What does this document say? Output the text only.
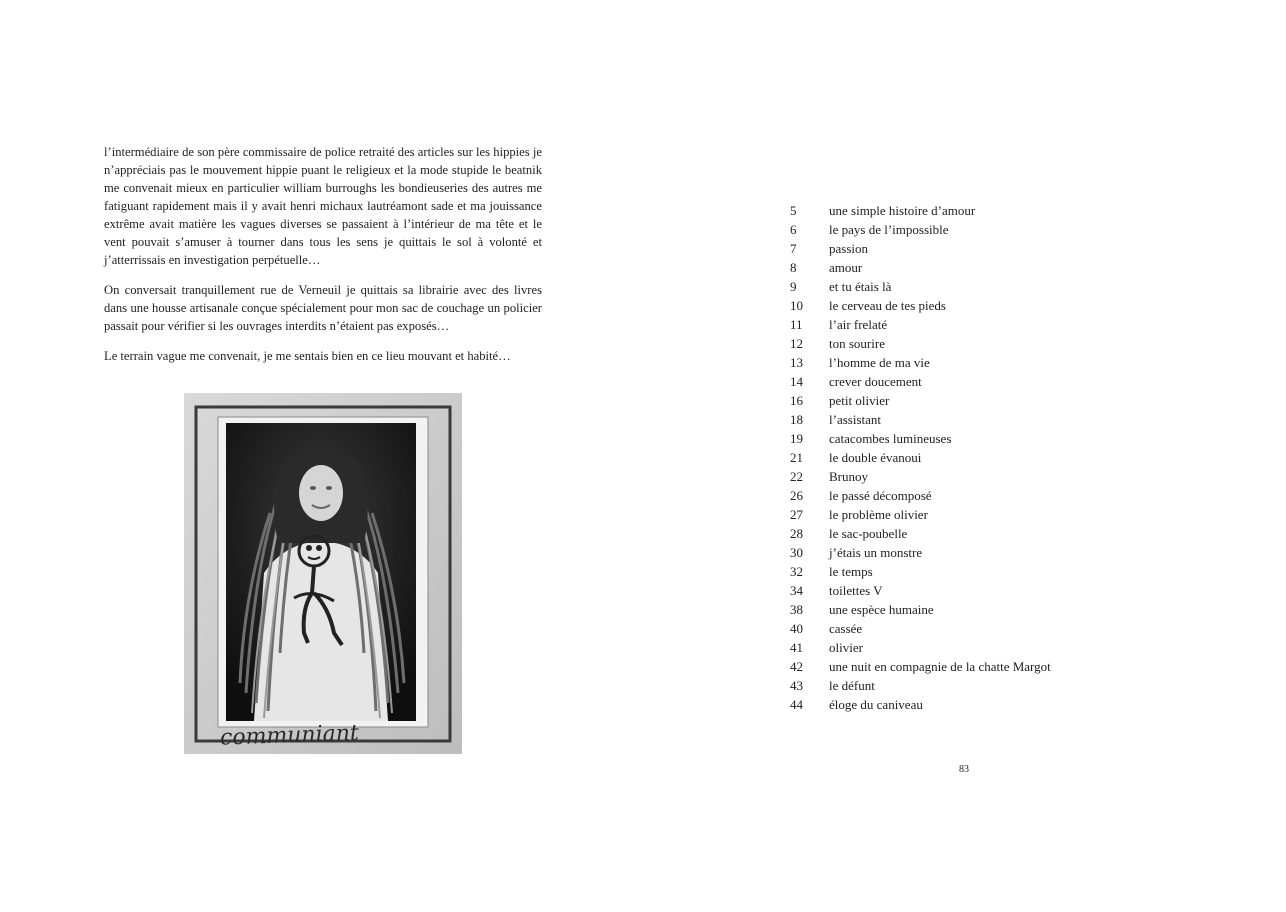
l’intermédiaire de son père commissaire de police retraité des articles sur les hippies je n’appréciais pas le mouvement hippie puant le religieux et la mode stupide le beatnik me convenait mieux en particulier william burroughs les bondieuseries des autres me fatiguant rapidement mais il y avait henri michaux lautréamont sade et ma jouissance extrême avait matière les vagues diverses se passaient à l’intérieur de ma tête et le vent pouvait s’amuser à tourner dans tous les sens je quittais le sol à volonté et j’atterrissais en investigation perpétuelle…

On conversait tranquillement rue de Verneuil je quittais sa librairie avec des livres dans une housse artisanale conçue spécialement pour mon sac de couchage un policier passait pour vérifier si les ouvrages interdits n’étaient pas exposés…

Le terrain vague me convenait, je me sentais bien en ce lieu mouvant et habité…

communiant
5	une simple histoire d’amour
6	le pays de l’impossible
7	passion
8	amour
9	et tu étais là
10	le cerveau de tes pieds
11	l’air frelaté
12	ton sourire
13	l’homme de ma vie
14	crever doucement
16	petit olivier
18	l’assistant
19	catacombes lumineuses
21	le double évanoui
22	Brunoy
26	le passé décomposé
27	le problème olivier
28	le sac-poubelle
30	j’étais un monstre
32	le temps
34	toilettes V
38	une espèce humaine
40	cassée
41	olivier
42	une nuit en compagnie de la chatte Margot
43	le défunt
44	éloge du caniveau
83
